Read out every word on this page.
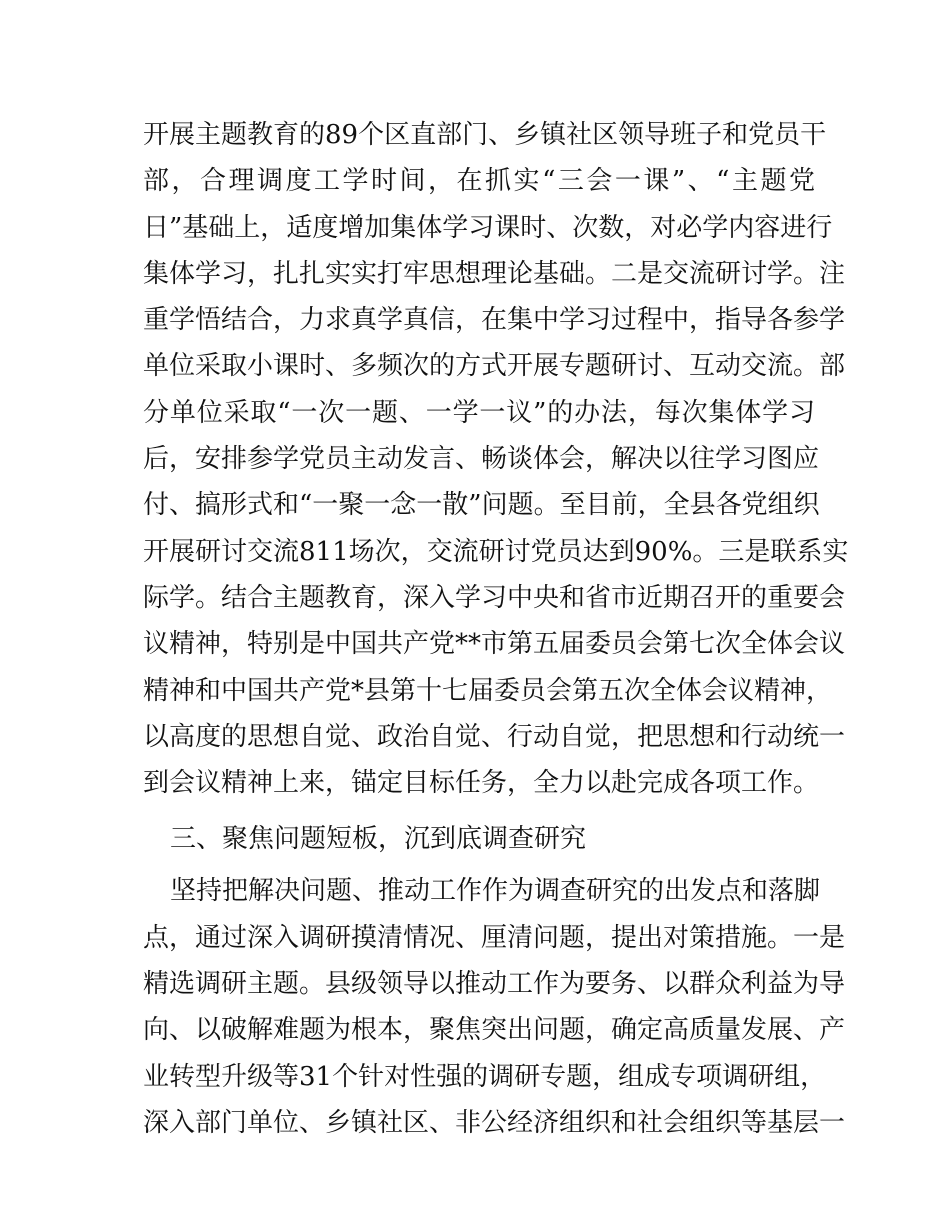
开展主题教育的89个区直部门、乡镇社区领导班子和党员干
部，合理调度工学时间，在抓实“三会一课”、“主题党
日”基础上，适度增加集体学习课时、次数，对必学内容进行
集体学习，扎扎实实打牢思想理论基础。二是交流研讨学。注
重学悟结合，力求真学真信，在集中学习过程中，指导各参学
单位采取小课时、多频次的方式开展专题研讨、互动交流。部
分单位采取“一次一题、一学一议”的办法，每次集体学习
后，安排参学党员主动发言、畅谈体会，解决以往学习图应
付、搞形式和“一聚一念一散”问题。至目前，全县各党组织
开展研讨交流811场次，交流研讨党员达到90%。三是联系实
际学。结合主题教育，深入学习中央和省市近期召开的重要会
议精神，特别是中国共产党**市第五届委员会第七次全体会议
精神和中国共产党*县第十七届委员会第五次全体会议精神，
以高度的思想自觉、政治自觉、行动自觉，把思想和行动统一
到会议精神上来，锚定目标任务，全力以赴完成各项工作。
三、聚焦问题短板，沉到底调查研究
坚持把解决问题、推动工作作为调查研究的出发点和落脚
点，通过深入调研摸清情况、厘清问题，提出对策措施。一是
精选调研主题。县级领导以推动工作为要务、以群众利益为导
向、以破解难题为根本，聚焦突出问题，确定高质量发展、产
业转型升级等31个针对性强的调研专题，组成专项调研组，
深入部门单位、乡镇社区、非公经济组织和社会组织等基层一
